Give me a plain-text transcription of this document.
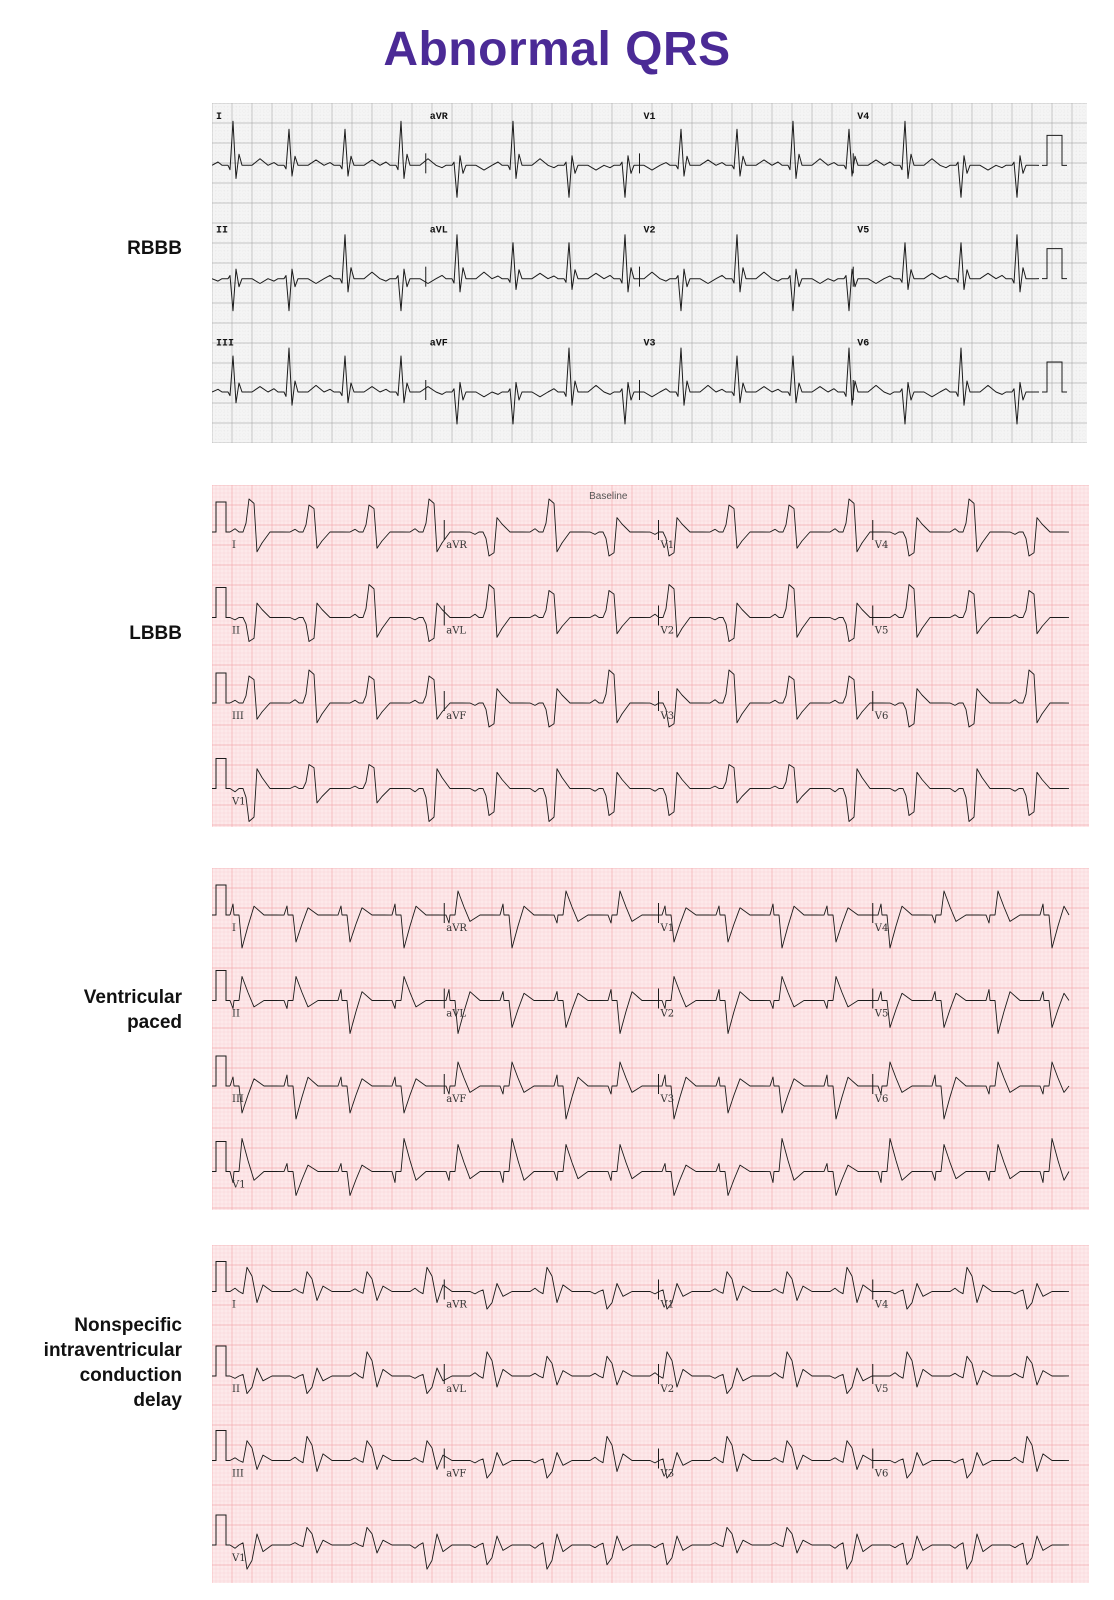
Abnormal QRS
RBBB
LBBB
Ventricular
paced
Nonspecific
intraventricular
conduction
delay
I	aVR	V1	V4
II	aVL	V2	V5
III	aVF	V3	V6
Baseline
I	aVR	V1	V4
II	aVL	V2	V5
III	aVF	V3	V6
V1
I	aVR	V1	V4
II	aVL	V2	V5
III	aVF	V3	V6
V1
I	aVR	V1	V4
II	aVL	V2	V5
III	aVF	V3	V6
V1
